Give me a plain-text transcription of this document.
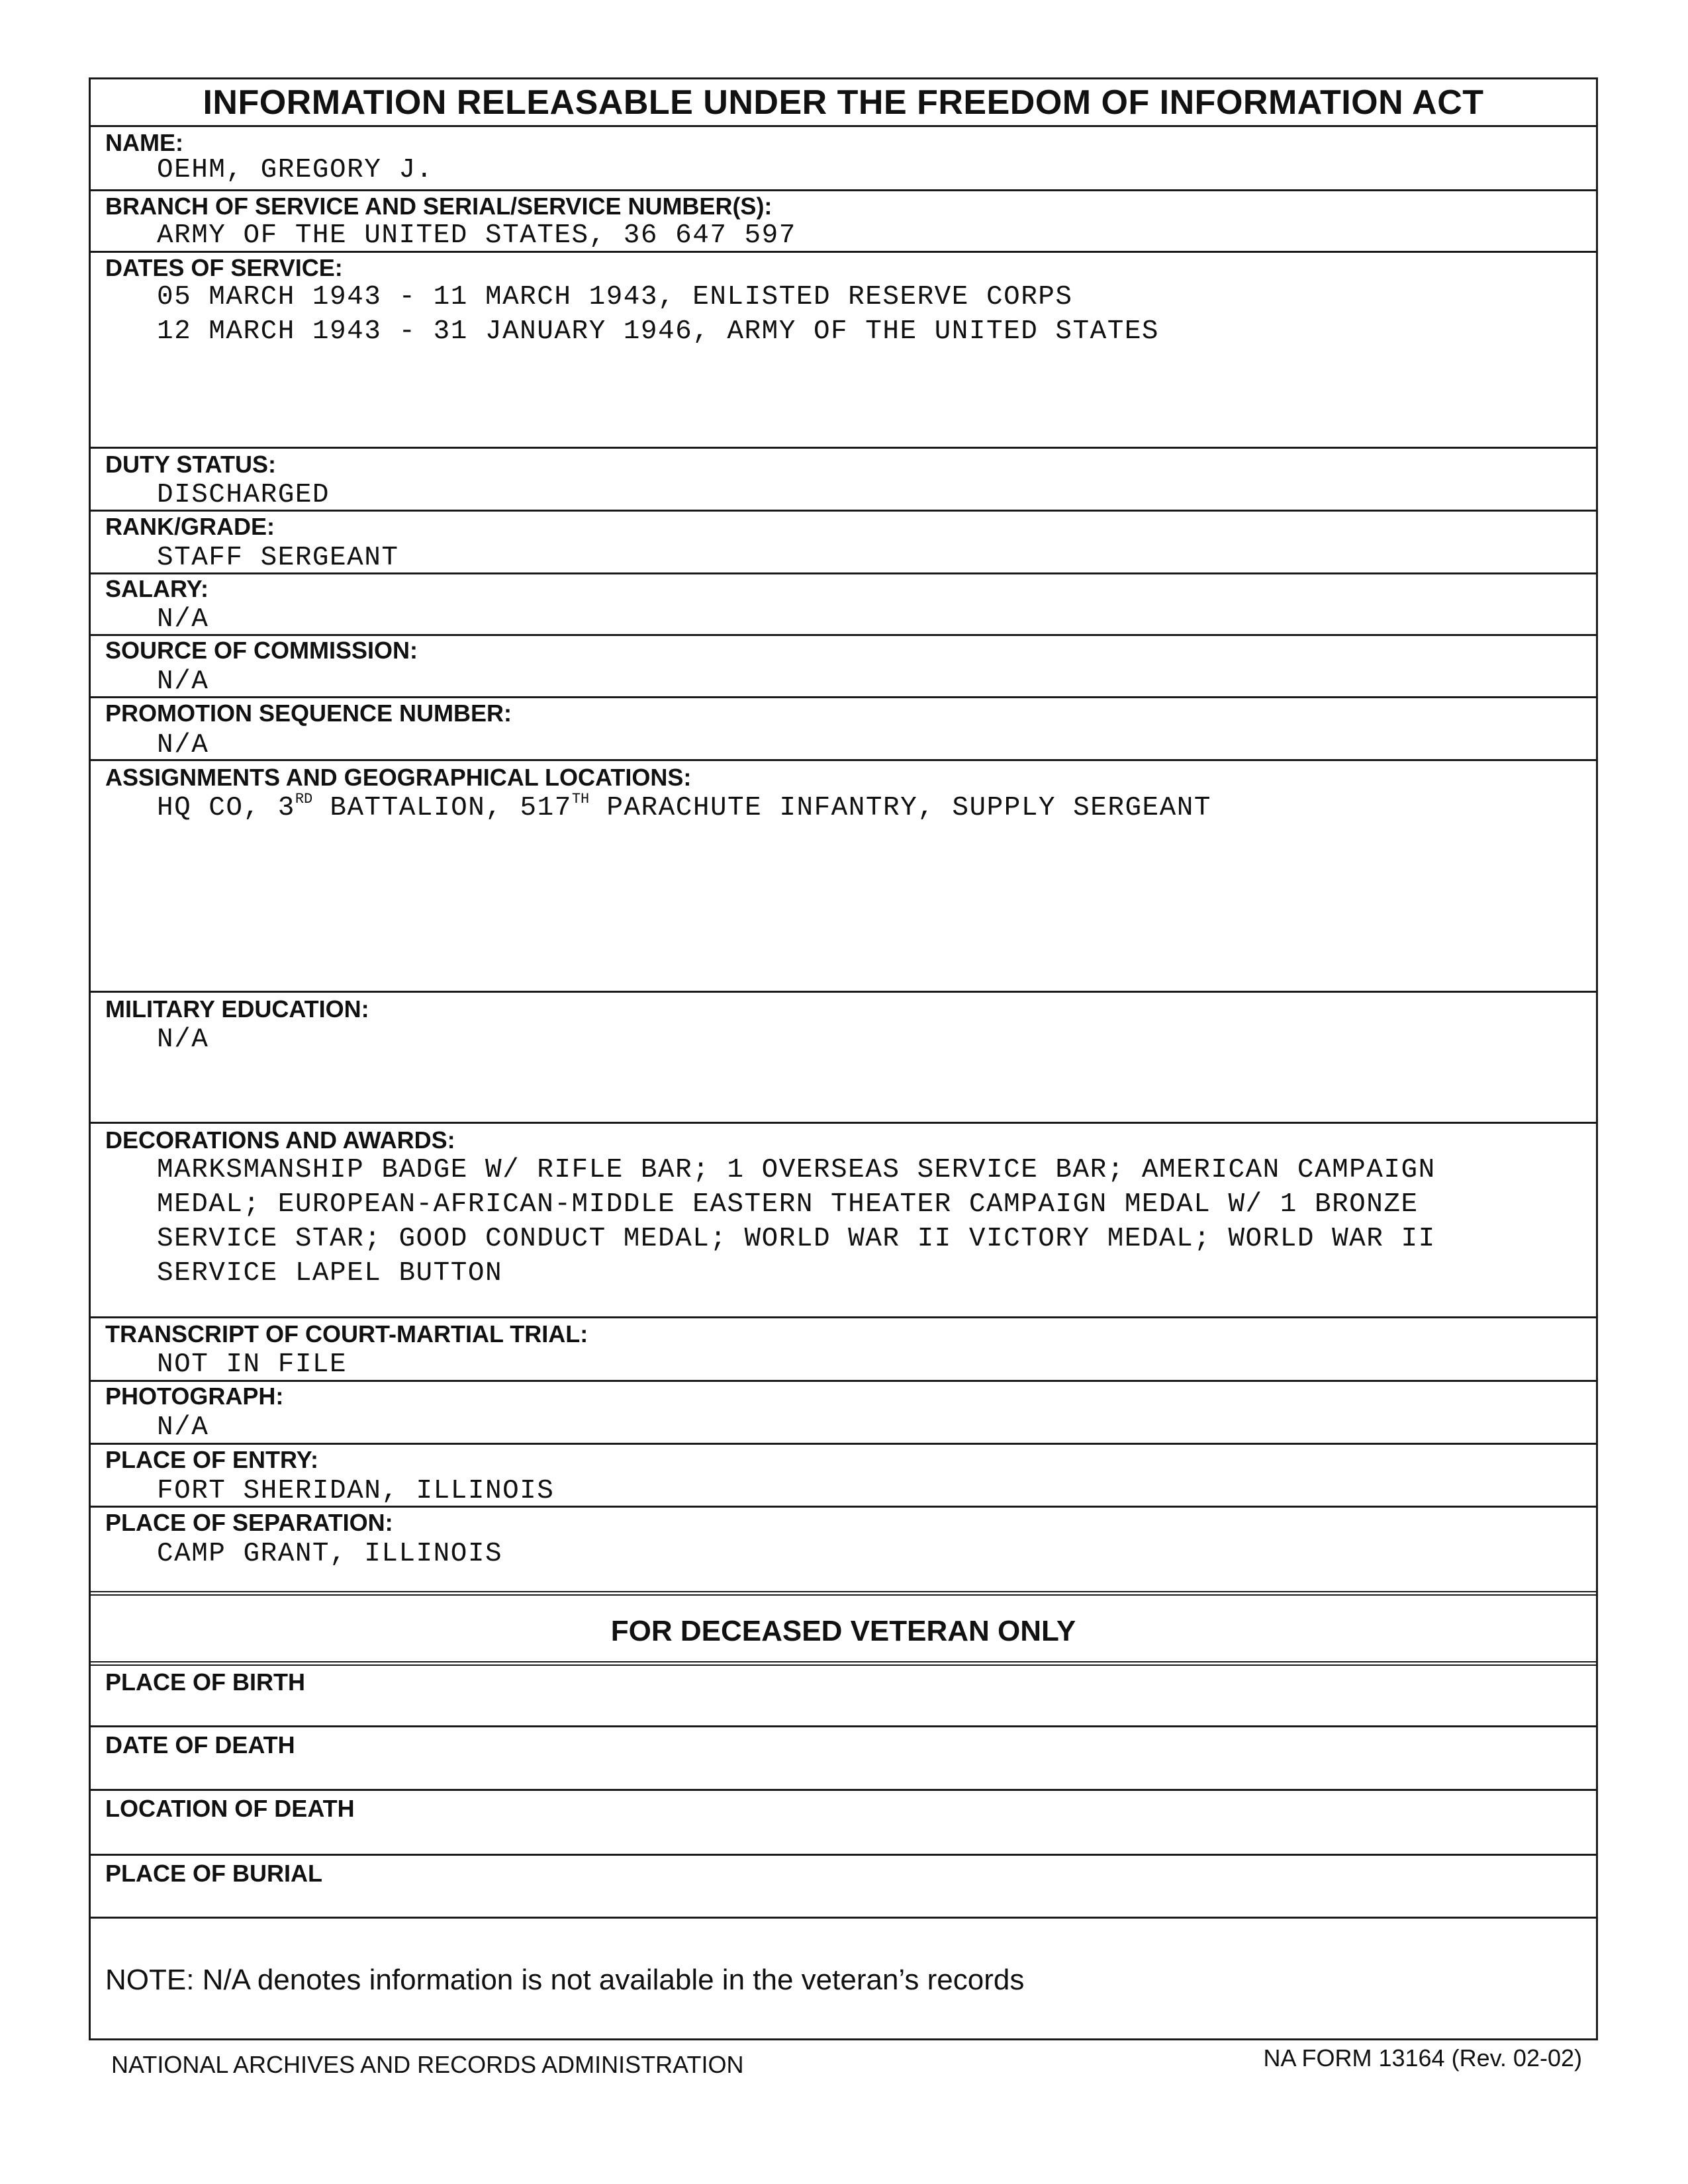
INFORMATION RELEASABLE UNDER THE FREEDOM OF INFORMATION ACT
NAME:
OEHM, GREGORY J.
BRANCH OF SERVICE AND SERIAL/SERVICE NUMBER(S):
ARMY OF THE UNITED STATES, 36 647 597
DATES OF SERVICE:
05 MARCH 1943 - 11 MARCH 1943, ENLISTED RESERVE CORPS
12 MARCH 1943 - 31 JANUARY 1946, ARMY OF THE UNITED STATES
DUTY STATUS:
DISCHARGED
RANK/GRADE:
STAFF SERGEANT
SALARY:
N/A
SOURCE OF COMMISSION:
N/A
PROMOTION SEQUENCE NUMBER:
N/A
ASSIGNMENTS AND GEOGRAPHICAL LOCATIONS:
HQ CO, 3RD BATTALION, 517TH PARACHUTE INFANTRY, SUPPLY SERGEANT
MILITARY EDUCATION:
N/A
DECORATIONS AND AWARDS:
MARKSMANSHIP BADGE W/ RIFLE BAR; 1 OVERSEAS SERVICE BAR; AMERICAN CAMPAIGN
MEDAL; EUROPEAN-AFRICAN-MIDDLE EASTERN THEATER CAMPAIGN MEDAL W/ 1 BRONZE
SERVICE STAR; GOOD CONDUCT MEDAL; WORLD WAR II VICTORY MEDAL; WORLD WAR II
SERVICE LAPEL BUTTON
TRANSCRIPT OF COURT-MARTIAL TRIAL:
NOT IN FILE
PHOTOGRAPH:
N/A
PLACE OF ENTRY:
FORT SHERIDAN, ILLINOIS
PLACE OF SEPARATION:
CAMP GRANT, ILLINOIS
FOR DECEASED VETERAN ONLY
PLACE OF BIRTH
DATE OF DEATH
LOCATION OF DEATH
PLACE OF BURIAL
NOTE: N/A denotes information is not available in the veteran’s records
NATIONAL ARCHIVES AND RECORDS ADMINISTRATION	NA FORM 13164 (Rev. 02-02)
